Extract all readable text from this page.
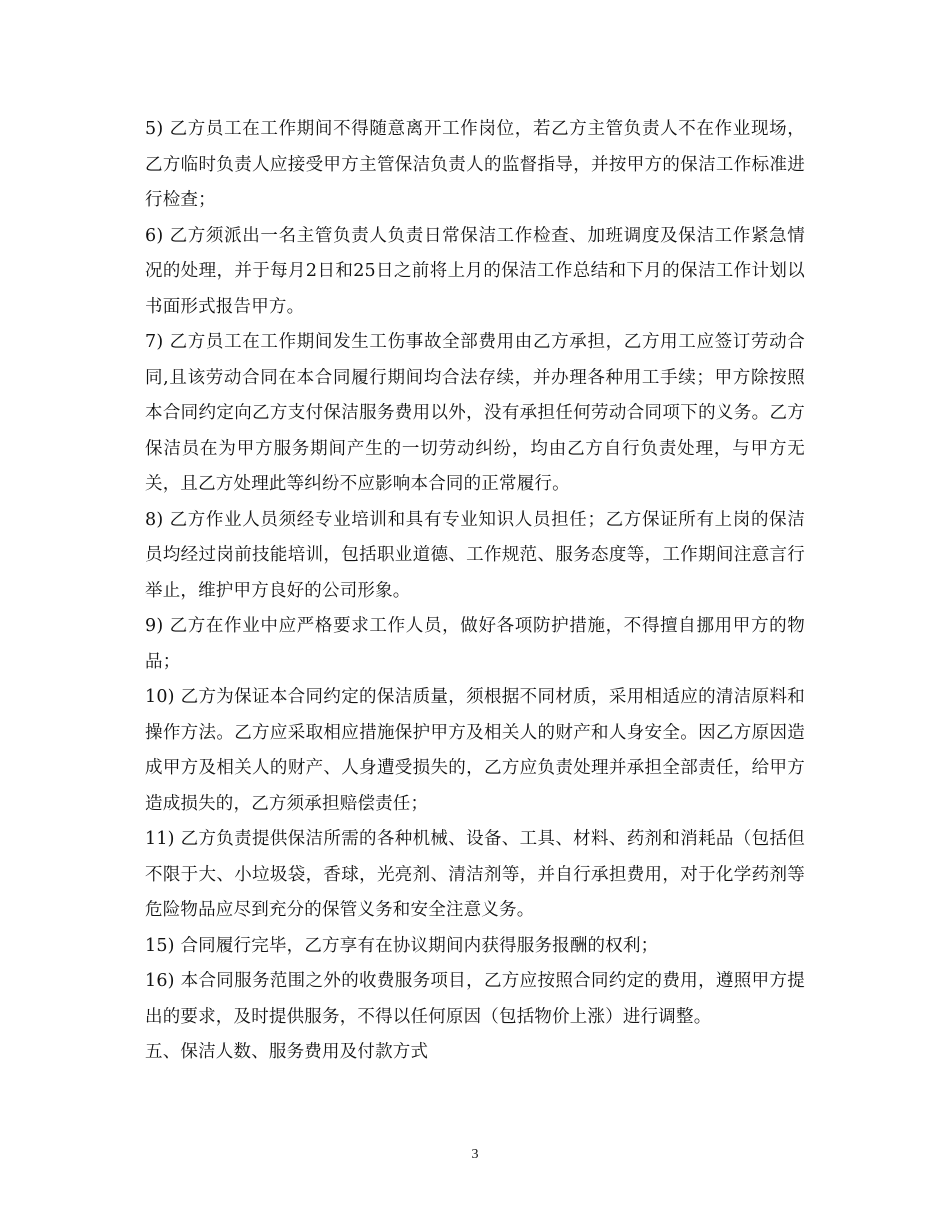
5) 乙方员工在工作期间不得随意离开工作岗位，若乙方主管负责人不在作业现场，乙方临时负责人应接受甲方主管保洁负责人的监督指导，并按甲方的保洁工作标准进行检查；

6) 乙方须派出一名主管负责人负责日常保洁工作检查、加班调度及保洁工作紧急情况的处理，并于每月2日和25日之前将上月的保洁工作总结和下月的保洁工作计划以书面形式报告甲方。

7) 乙方员工在工作期间发生工伤事故全部费用由乙方承担，乙方用工应签订劳动合同,且该劳动合同在本合同履行期间均合法存续，并办理各种用工手续；甲方除按照本合同约定向乙方支付保洁服务费用以外，没有承担任何劳动合同项下的义务。乙方保洁员在为甲方服务期间产生的一切劳动纠纷，均由乙方自行负责处理，与甲方无关，且乙方处理此等纠纷不应影响本合同的正常履行。

8) 乙方作业人员须经专业培训和具有专业知识人员担任；乙方保证所有上岗的保洁员均经过岗前技能培训，包括职业道德、工作规范、服务态度等，工作期间注意言行举止，维护甲方良好的公司形象。

9) 乙方在作业中应严格要求工作人员，做好各项防护措施，不得擅自挪用甲方的物品；

10) 乙方为保证本合同约定的保洁质量，须根据不同材质，采用相适应的清洁原料和操作方法。乙方应采取相应措施保护甲方及相关人的财产和人身安全。因乙方原因造成甲方及相关人的财产、人身遭受损失的，乙方应负责处理并承担全部责任，给甲方造成损失的，乙方须承担赔偿责任；

11) 乙方负责提供保洁所需的各种机械、设备、工具、材料、药剂和消耗品（包括但不限于大、小垃圾袋，香球，光亮剂、清洁剂等，并自行承担费用，对于化学药剂等危险物品应尽到充分的保管义务和安全注意义务。

15) 合同履行完毕，乙方享有在协议期间内获得服务报酬的权利；

16) 本合同服务范围之外的收费服务项目，乙方应按照合同约定的费用，遵照甲方提出的要求，及时提供服务，不得以任何原因（包括物价上涨）进行调整。

五、保洁人数、服务费用及付款方式

3
